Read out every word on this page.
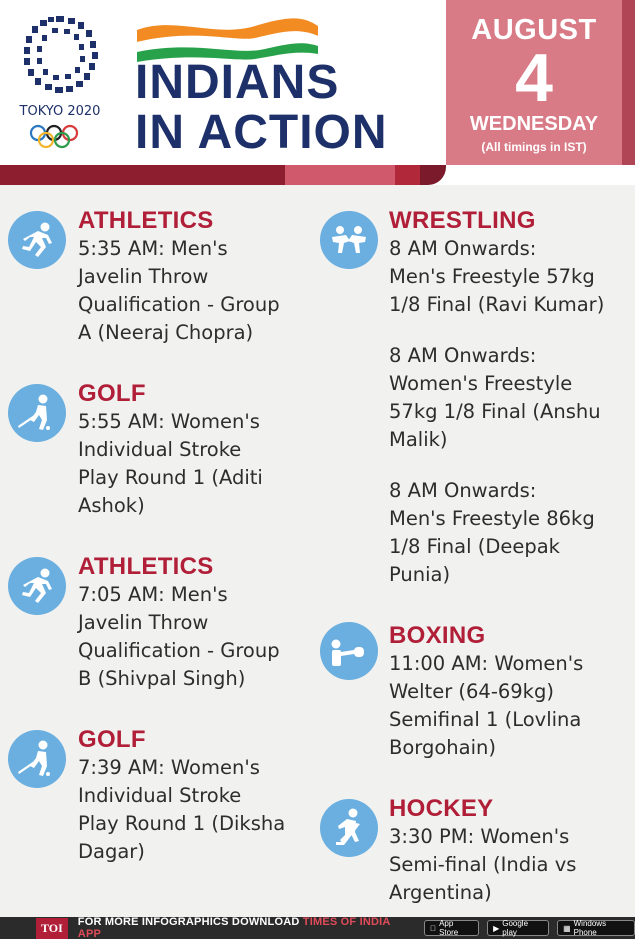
TOKYO 2020
INDIANS
IN ACTION
AUGUST
4
WEDNESDAY
(All timings in IST)
ATHLETICS
5:35 AM: Men's
Javelin Throw
Qualification - Group
A (Neeraj Chopra)
GOLF
5:55 AM: Women's
Individual Stroke
Play Round 1 (Aditi
Ashok)
ATHLETICS
7:05 AM: Men's
Javelin Throw
Qualification - Group
B (Shivpal Singh)
GOLF
7:39 AM: Women's
Individual Stroke
Play Round 1 (Diksha
Dagar)
WRESTLING
8 AM Onwards:
Men's Freestyle 57kg
1/8 Final (Ravi Kumar)
8 AM Onwards:
Women's Freestyle
57kg 1/8 Final (Anshu
Malik)
8 AM Onwards:
Men's Freestyle 86kg
1/8 Final (Deepak
Punia)
BOXING
11:00 AM: Women's
Welter (64-69kg)
Semifinal 1 (Lovlina
Borgohain)
HOCKEY
3:30 PM: Women's
Semi-final (India vs
Argentina)
TOI	FOR MORE INFOGRAPHICS DOWNLOAD TIMES OF INDIA APP
App Store	▶ Google play	▦ Windows Phone
